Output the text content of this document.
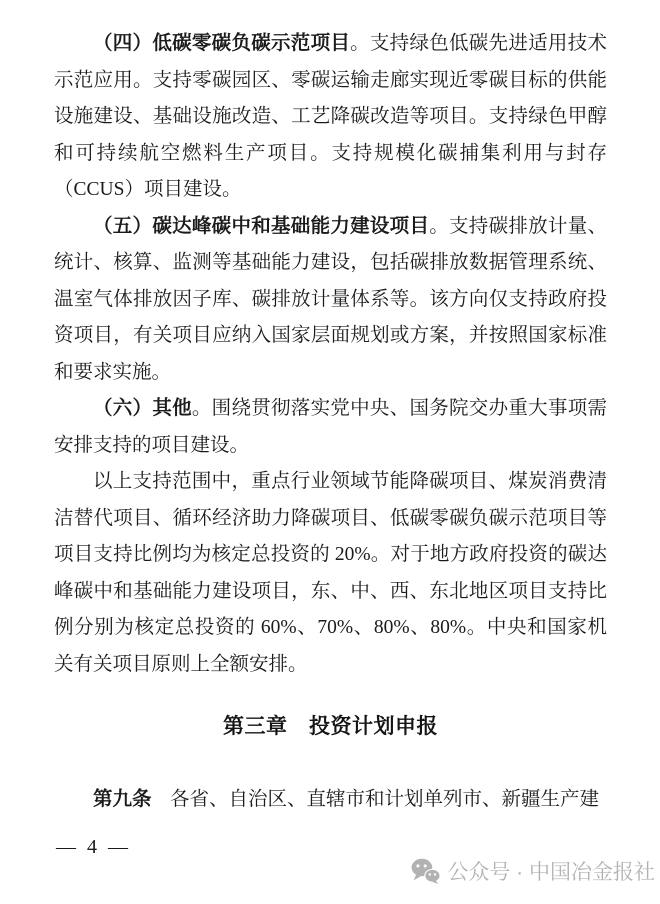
（四）低碳零碳负碳示范项目。支持绿色低碳先进适用技术示范应用。支持零碳园区、零碳运输走廊实现近零碳目标的供能设施建设、基础设施改造、工艺降碳改造等项目。支持绿色甲醇和可持续航空燃料生产项目。支持规模化碳捕集利用与封存（CCUS）项目建设。

（五）碳达峰碳中和基础能力建设项目。支持碳排放计量、统计、核算、监测等基础能力建设，包括碳排放数据管理系统、温室气体排放因子库、碳排放计量体系等。该方向仅支持政府投资项目，有关项目应纳入国家层面规划或方案，并按照国家标准和要求实施。

（六）其他。围绕贯彻落实党中央、国务院交办重大事项需安排支持的项目建设。

以上支持范围中，重点行业领域节能降碳项目、煤炭消费清洁替代项目、循环经济助力降碳项目、低碳零碳负碳示范项目等项目支持比例均为核定总投资的 20%。对于地方政府投资的碳达峰碳中和基础能力建设项目，东、中、西、东北地区项目支持比例分别为核定总投资的 60%、70%、80%、80%。中央和国家机关有关项目原则上全额安排。

第三章　投资计划申报

第九条 各省、自治区、直辖市和计划单列市、新疆生产建

— 4 —
公众号 · 中国冶金报社
